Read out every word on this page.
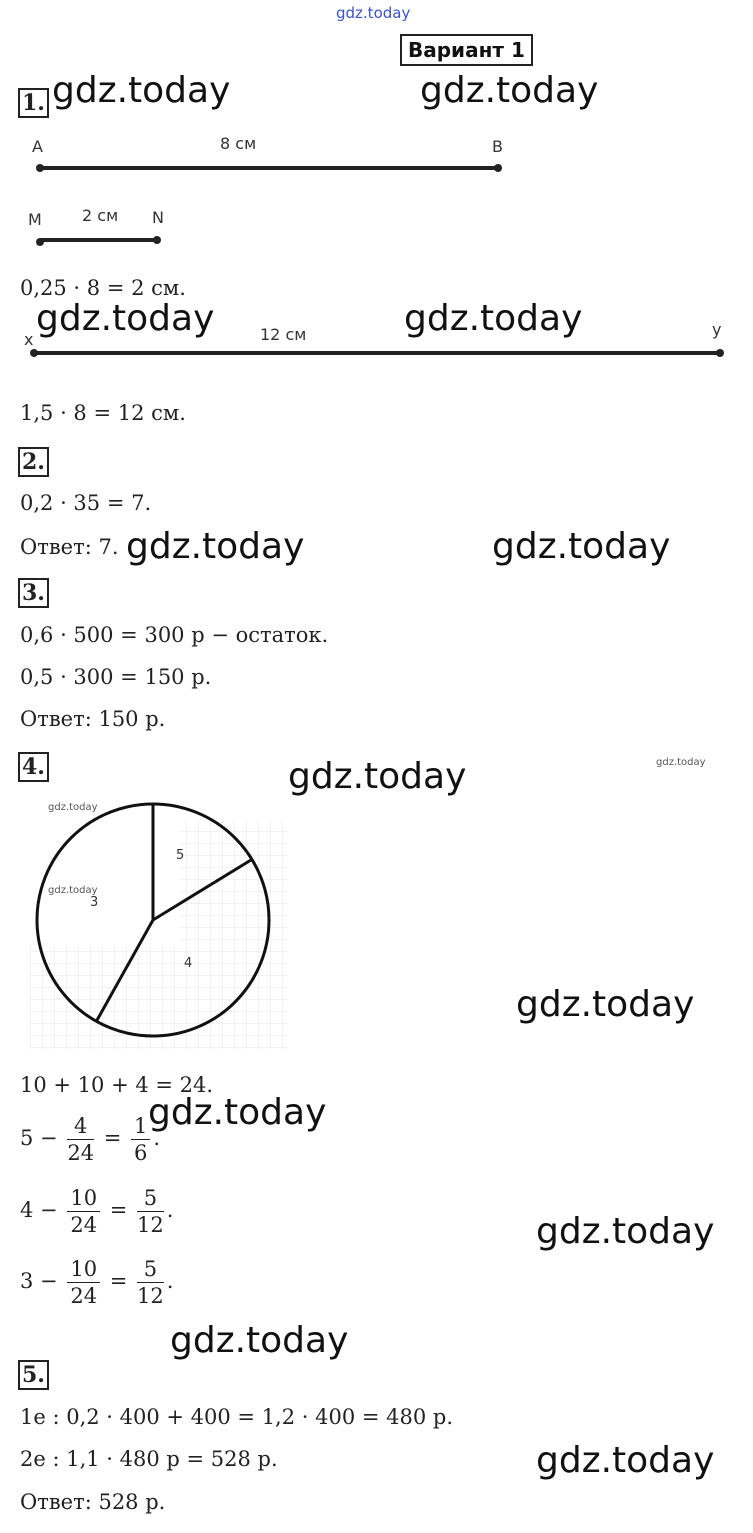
gdz.today
Вариант 1
1. gdz.today	gdz.today
A	8 см	B
M	2 см N
0,25 · 8 = 2 см.
gdz.today	gdz.today
x	12 см	y
1,5 · 8 = 12 см.
2.
0,2 · 35 = 7.
Ответ: 7. gdz.today	gdz.today
3.
0,6 · 500 = 300 р − остаток.
0,5 · 300 = 150 р.
Ответ: 150 р.
4.	gdz.today	gdz.today
gdz.today
gdz.today
5
4
3
gdz.today
10 + 10 + 4 = 24.
gdz.today
$5 - \frac{4}{24} = \frac{1}{6}$ .
$4 - \frac{10}{24} = \frac{5}{12}$ .
gdz.today
$3 - \frac{10}{24} = \frac{5}{12}$ .
gdz.today
5.
1е : 0,2 · 400 + 400 = 1,2 · 400 = 480 р.
2е : 1,1 · 480 р = 528 р.	gdz.today
Ответ: 528 р.
